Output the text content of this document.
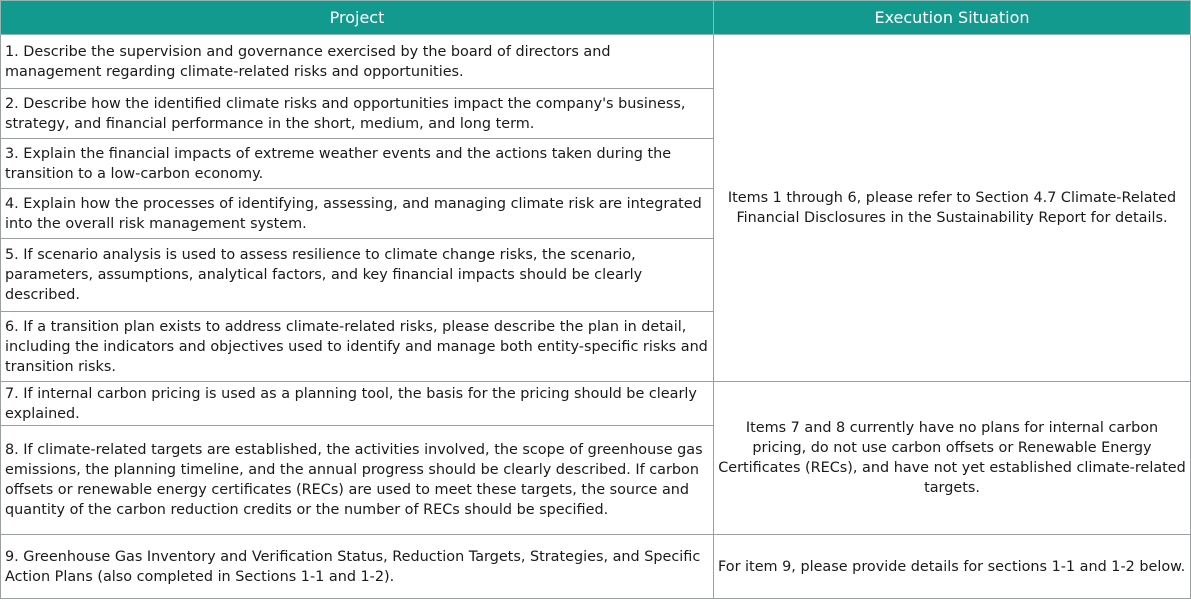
Project	Execution Situation
1. Describe the supervision and governance exercised by the board of directors and management regarding climate-related risks and opportunities.	Items 1 through 6, please refer to Section 4.7 Climate-Related Financial Disclosures in the Sustainability Report for details.
2. Describe how the identified climate risks and opportunities impact the company's business, strategy, and financial performance in the short, medium, and long term.	
3. Explain the financial impacts of extreme weather events and the actions taken during the transition to a low-carbon economy.	
4. Explain how the processes of identifying, assessing, and managing climate risk are integrated into the overall risk management system.	
5. If scenario analysis is used to assess resilience to climate change risks, the scenario, parameters, assumptions, analytical factors, and key financial impacts should be clearly described.	
6. If a transition plan exists to address climate-related risks, please describe the plan in detail, including the indicators and objectives used to identify and manage both entity-specific risks and transition risks.	
7. If internal carbon pricing is used as a planning tool, the basis for the pricing should be clearly explained.	Items 7 and 8 currently have no plans for internal carbon pricing, do not use carbon offsets or Renewable Energy Certificates (RECs), and have not yet established climate-related targets.
8. If climate-related targets are established, the activities involved, the scope of greenhouse gas emissions, the planning timeline, and the annual progress should be clearly described. If carbon offsets or renewable energy certificates (RECs) are used to meet these targets, the source and quantity of the carbon reduction credits or the number of RECs should be specified.	
9. Greenhouse Gas Inventory and Verification Status, Reduction Targets, Strategies, and Specific Action Plans (also completed in Sections 1-1 and 1-2).	For item 9, please provide details for sections 1-1 and 1-2 below.
